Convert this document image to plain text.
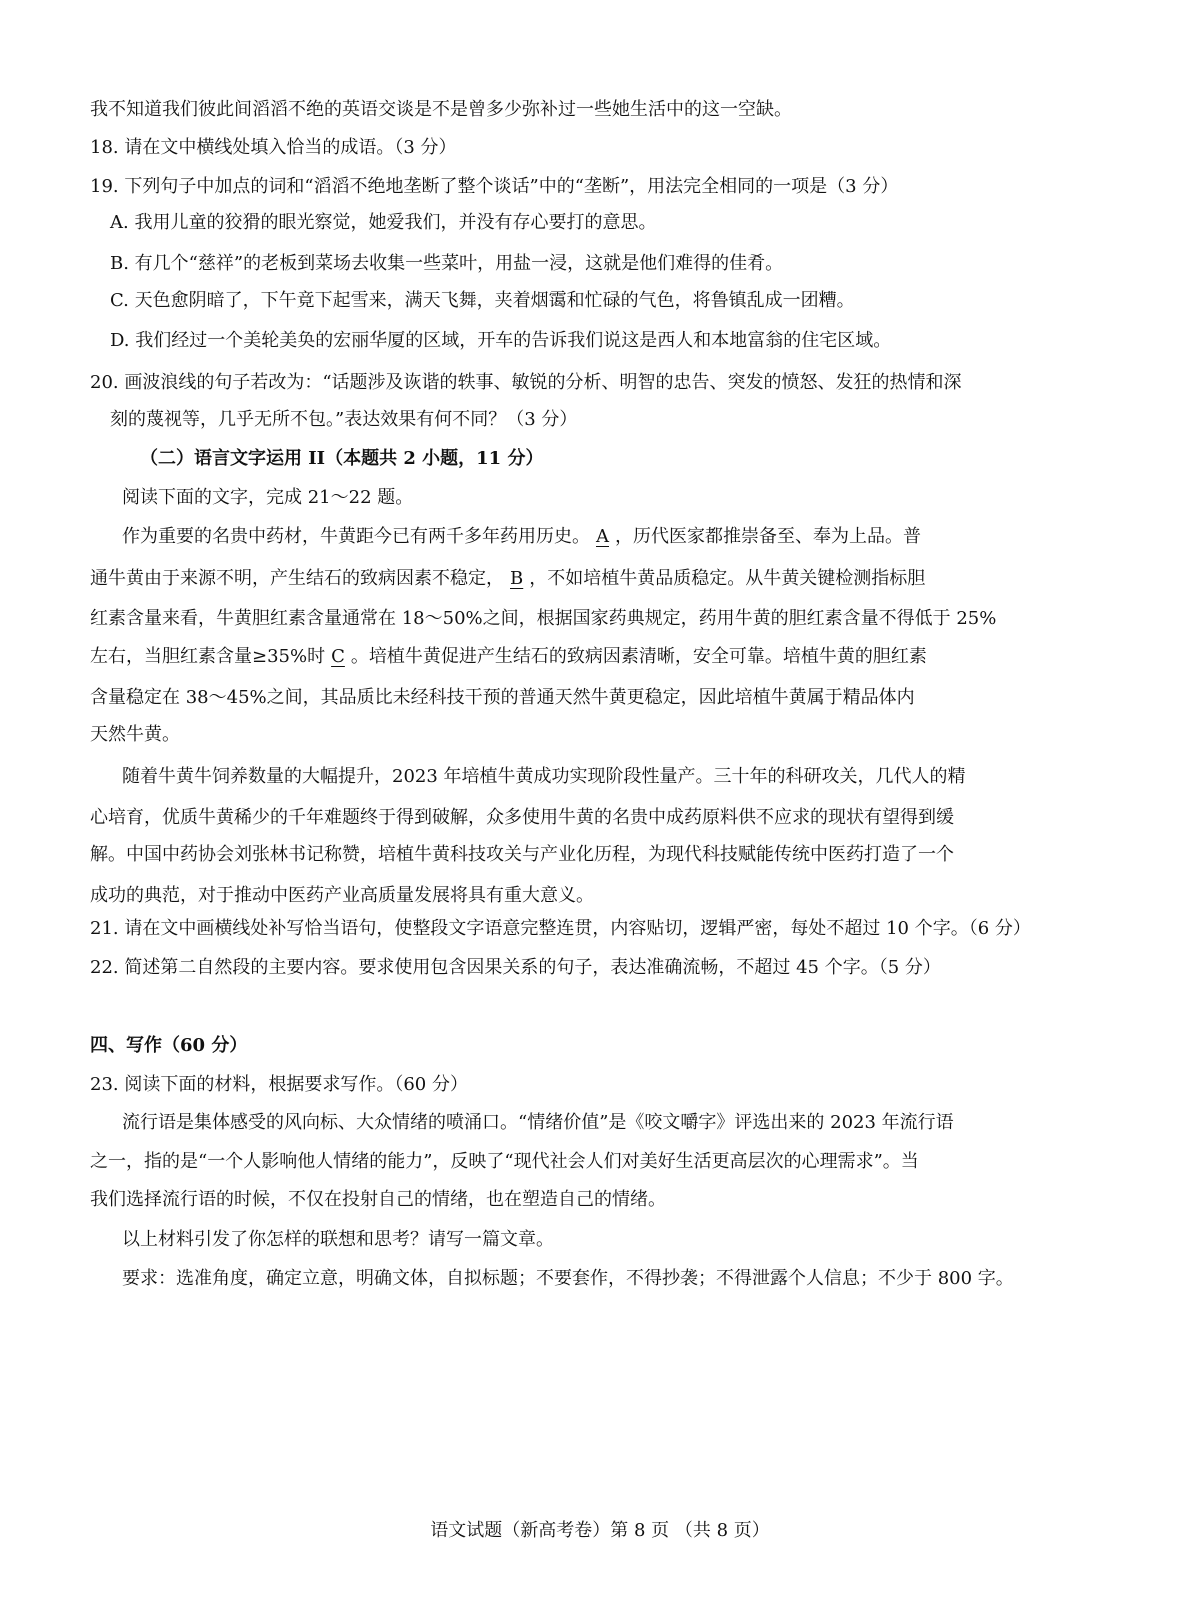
我不知道我们彼此间滔滔不绝的英语交谈是不是曾多少弥补过一些她生活中的这一空缺。
18. 请在文中横线处填入恰当的成语。（3 分）
19. 下列句子中加点的词和“滔滔不绝地垄断了整个谈话”中的“垄断”，用法完全相同的一项是（3 分）
A. 我用儿童的狡猾的眼光察觉，她爱我们，并没有存心要打的意思。
B. 有几个“慈祥”的老板到菜场去收集一些菜叶，用盐一浸，这就是他们难得的佳肴。
C. 天色愈阴暗了，下午竟下起雪来，满天飞舞，夹着烟霭和忙碌的气色，将鲁镇乱成一团糟。
D. 我们经过一个美轮美奂的宏丽华厦的区域，开车的告诉我们说这是西人和本地富翁的住宅区域。
20. 画波浪线的句子若改为：“话题涉及诙谐的轶事、敏锐的分析、明智的忠告、突发的愤怒、发狂的热情和深
刻的蔑视等，几乎无所不包。”表达效果有何不同？（3 分）
（二）语言文字运用 II（本题共 2 小题，11 分）
阅读下面的文字，完成 21～22 题。
作为重要的名贵中药材，牛黄距今已有两千多年药用历史。 A ，历代医家都推崇备至、奉为上品。普
通牛黄由于来源不明，产生结石的致病因素不稳定， B ，不如培植牛黄品质稳定。从牛黄关键检测指标胆
红素含量来看，牛黄胆红素含量通常在 18～50%之间，根据国家药典规定，药用牛黄的胆红素含量不得低于 25%
左右，当胆红素含量≥35%时 C 。培植牛黄促进产生结石的致病因素清晰，安全可靠。培植牛黄的胆红素
含量稳定在 38～45%之间，其品质比未经科技干预的普通天然牛黄更稳定，因此培植牛黄属于精品体内
天然牛黄。
随着牛黄牛饲养数量的大幅提升，2023 年培植牛黄成功实现阶段性量产。三十年的科研攻关，几代人的精
心培育，优质牛黄稀少的千年难题终于得到破解，众多使用牛黄的名贵中成药原料供不应求的现状有望得到缓
解。中国中药协会刘张林书记称赞，培植牛黄科技攻关与产业化历程，为现代科技赋能传统中医药打造了一个
成功的典范，对于推动中医药产业高质量发展将具有重大意义。
21. 请在文中画横线处补写恰当语句，使整段文字语意完整连贯，内容贴切，逻辑严密，每处不超过 10 个字。（6 分）
22. 简述第二自然段的主要内容。要求使用包含因果关系的句子，表达准确流畅，不超过 45 个字。（5 分）
四、写作（60 分）
23. 阅读下面的材料，根据要求写作。（60 分）
流行语是集体感受的风向标、大众情绪的喷涌口。“情绪价值”是《咬文嚼字》评选出来的 2023 年流行语
之一，指的是“一个人影响他人情绪的能力”，反映了“现代社会人们对美好生活更高层次的心理需求”。当
我们选择流行语的时候，不仅在投射自己的情绪，也在塑造自己的情绪。
以上材料引发了你怎样的联想和思考？请写一篇文章。
要求：选准角度，确定立意，明确文体，自拟标题；不要套作，不得抄袭；不得泄露个人信息；不少于 800 字。
语文试题（新高考卷）第 8 页 （共 8 页）
